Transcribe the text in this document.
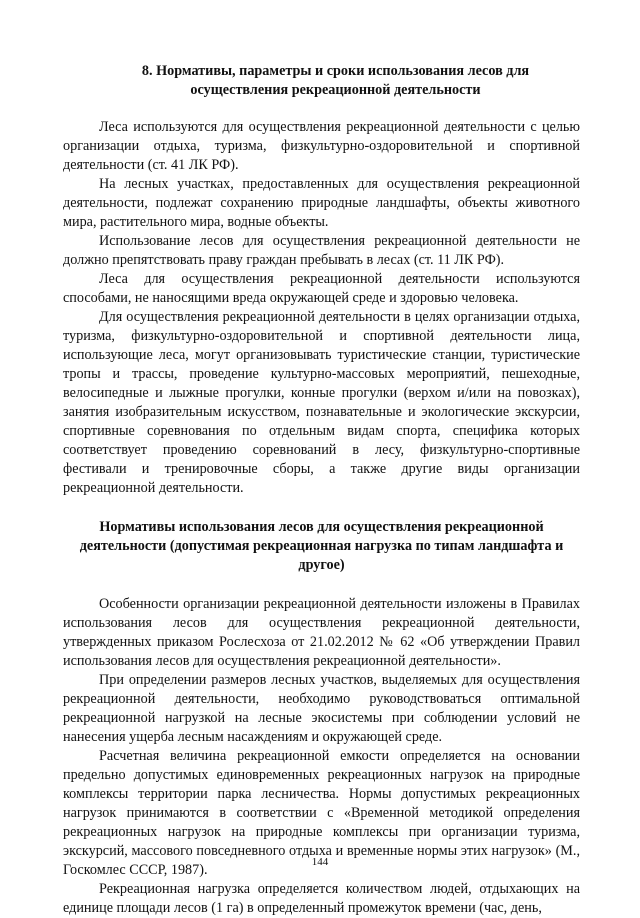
8. Нормативы, параметры и сроки использования лесов для осуществления рекреационной деятельности

Леса используются для осуществления рекреационной деятельности с целью организации отдыха, туризма, физкультурно-оздоровительной и спортивной деятельности (ст. 41 ЛК РФ).

На лесных участках, предоставленных для осуществления рекреационной деятельности, подлежат сохранению природные ландшафты, объекты животного мира, растительного мира, водные объекты.

Использование лесов для осуществления рекреационной деятельности не должно препятствовать праву граждан пребывать в лесах (ст. 11 ЛК РФ).

Леса для осуществления рекреационной деятельности используются способами, не наносящими вреда окружающей среде и здоровью человека.

Для осуществления рекреационной деятельности в целях организации отдыха, туризма, физкультурно-оздоровительной и спортивной деятельности лица, использующие леса, могут организовывать туристические станции, туристические тропы и трассы, проведение культурно-массовых мероприятий, пешеходные, велосипедные и лыжные прогулки, конные прогулки (верхом и/или на повозках), занятия изобразительным искусством, познавательные и экологические экскурсии, спортивные соревнования по отдельным видам спорта, специфика которых соответствует проведению соревнований в лесу, физкультурно-спортивные фестивали и тренировочные сборы, а также другие виды организации рекреационной деятельности.

Нормативы использования лесов для осуществления рекреационной деятельности (допустимая рекреационная нагрузка по типам ландшафта и другое)

Особенности организации рекреационной деятельности изложены в Правилах использования лесов для осуществления рекреационной деятельности, утвержденных приказом Рослесхоза от 21.02.2012 № 62 «Об утверждении Правил использования лесов для осуществления рекреационной деятельности».

При определении размеров лесных участков, выделяемых для осуществления рекреационной деятельности, необходимо руководствоваться оптимальной рекреационной нагрузкой на лесные экосистемы при соблюдении условий не нанесения ущерба лесным насаждениям и окружающей среде.

Расчетная величина рекреационной емкости определяется на основании предельно допустимых единовременных рекреационных нагрузок на природные комплексы территории парка лесничества. Нормы допустимых рекреационных нагрузок принимаются в соответствии с «Временной методикой определения рекреационных нагрузок на природные комплексы при организации туризма, экскурсий, массового повседневного отдыха и временные нормы этих нагрузок» (М., Госкомлес СССР, 1987).

Рекреационная нагрузка определяется количеством людей, отдыхающих на единице площади лесов (1 га) в определенный промежуток времени (час, день,

144
